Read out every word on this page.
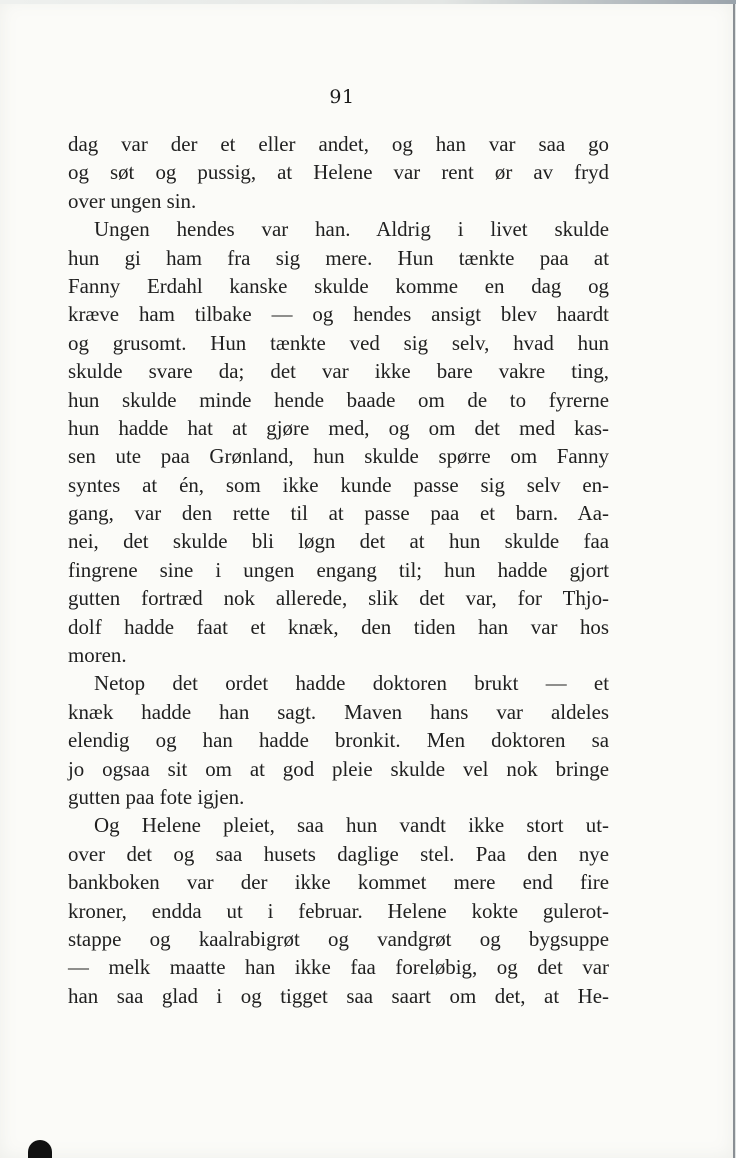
91
dag var der et eller andet, og han var saa go
og søt og pussig, at Helene var rent ør av fryd
over ungen sin.
Ungen hendes var han. Aldrig i livet skulde
hun gi ham fra sig mere. Hun tænkte paa at
Fanny Erdahl kanske skulde komme en dag og
kræve ham tilbake — og hendes ansigt blev haardt
og grusomt. Hun tænkte ved sig selv, hvad hun
skulde svare da; det var ikke bare vakre ting,
hun skulde minde hende baade om de to fyrerne
hun hadde hat at gjøre med, og om det med kas-
sen ute paa Grønland, hun skulde spørre om Fanny
syntes at én, som ikke kunde passe sig selv en-
gang, var den rette til at passe paa et barn. Aa-
nei, det skulde bli løgn det at hun skulde faa
fingrene sine i ungen engang til; hun hadde gjort
gutten fortræd nok allerede, slik det var, for Thjo-
dolf hadde faat et knæk, den tiden han var hos
moren.
Netop det ordet hadde doktoren brukt — et
knæk hadde han sagt. Maven hans var aldeles
elendig og han hadde bronkit. Men doktoren sa
jo ogsaa sit om at god pleie skulde vel nok bringe
gutten paa fote igjen.
Og Helene pleiet, saa hun vandt ikke stort ut-
over det og saa husets daglige stel. Paa den nye
bankboken var der ikke kommet mere end fire
kroner, endda ut i februar. Helene kokte gulerot-
stappe og kaalrabigrøt og vandgrøt og bygsuppe
— melk maatte han ikke faa foreløbig, og det var
han saa glad i og tigget saa saart om det, at He-
